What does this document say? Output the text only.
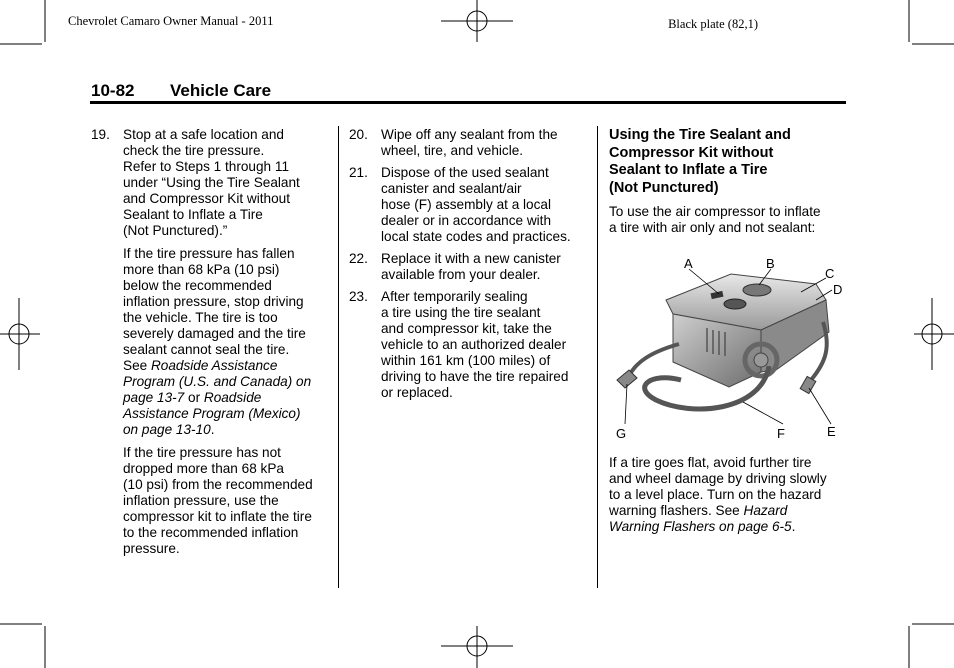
Chevrolet Camaro Owner Manual - 2011	Black plate (82,1)
10-82 Vehicle Care
19. Stop at a safe location and
check the tire pressure.
Refer to Steps 1 through 11
under “Using the Tire Sealant
and Compressor Kit without
Sealant to Inflate a Tire
(Not Punctured).”
If the tire pressure has fallen
more than 68 kPa (10 psi)
below the recommended
inflation pressure, stop driving
the vehicle. The tire is too
severely damaged and the tire
sealant cannot seal the tire.
See Roadside Assistance
Program (U.S. and Canada) on
page 13-7 or Roadside
Assistance Program (Mexico)
on page 13-10.
If the tire pressure has not
dropped more than 68 kPa
(10 psi) from the recommended
inflation pressure, use the
compressor kit to inflate the tire
to the recommended inflation
pressure.
20. Wipe off any sealant from the
wheel, tire, and vehicle.
21. Dispose of the used sealant
canister and sealant/air
hose (F) assembly at a local
dealer or in accordance with
local state codes and practices.
22. Replace it with a new canister
available from your dealer.
23. After temporarily sealing
a tire using the tire sealant
and compressor kit, take the
vehicle to an authorized dealer
within 161 km (100 miles) of
driving to have the tire repaired
or replaced.
Using the Tire Sealant and
Compressor Kit without
Sealant to Inflate a Tire
(Not Punctured)
To use the air compressor to inflate
a tire with air only and not sealant:
A	B
C
D
E
F
G
If a tire goes flat, avoid further tire
and wheel damage by driving slowly
to a level place. Turn on the hazard
warning flashers. See Hazard
Warning Flashers on page 6-5.
